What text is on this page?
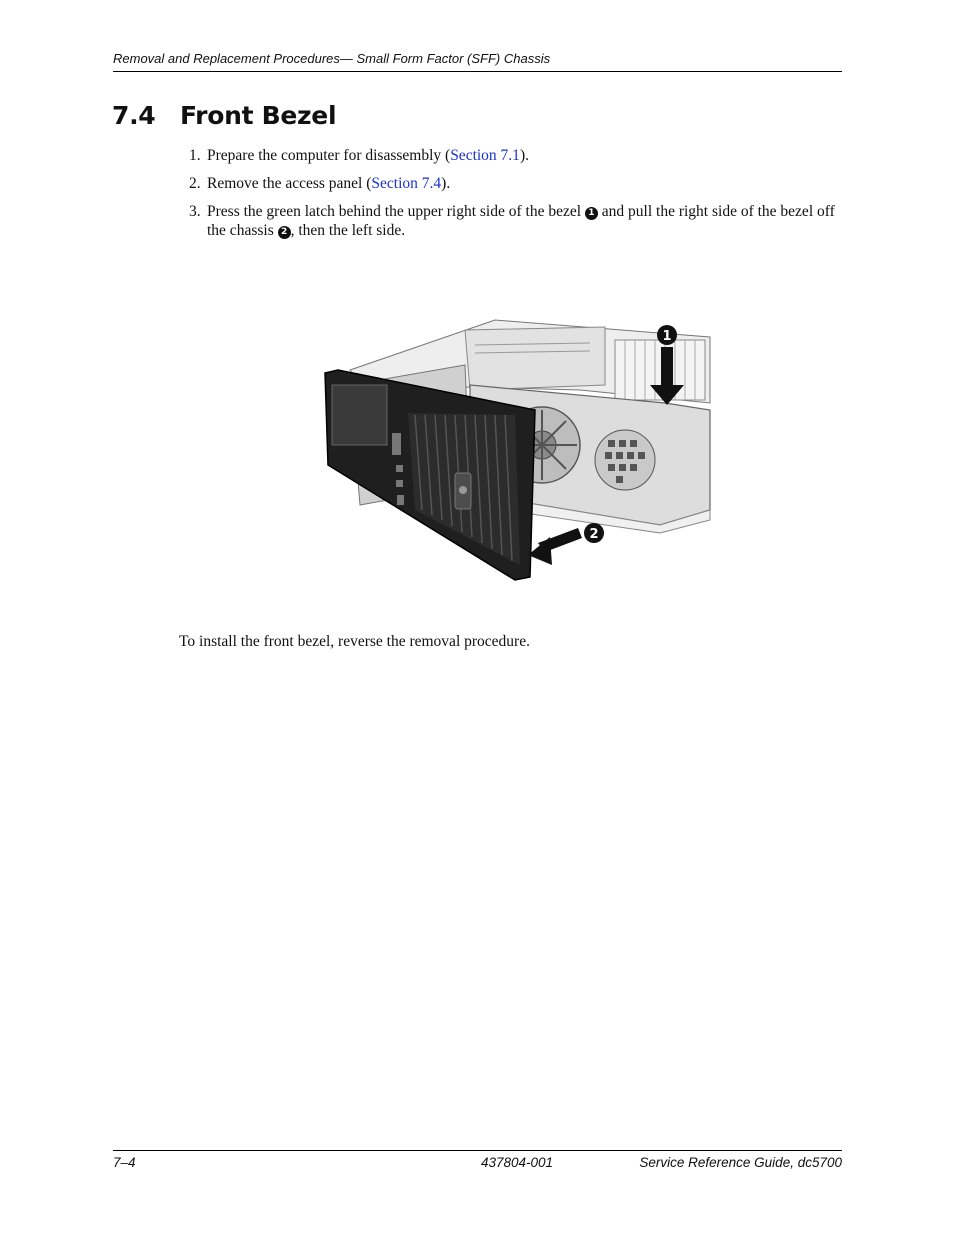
Removal and Replacement Procedures— Small Form Factor (SFF) Chassis
7.4 Front Bezel
1. Prepare the computer for disassembly (Section 7.1).
2. Remove the access panel (Section 7.4).
3. Press the green latch behind the upper right side of the bezel 1 and pull the right side of the bezel off the chassis 2 , then the left side.
1
2

To install the front bezel, reverse the removal procedure.

7–4	437804-001	Service Reference Guide, dc5700
